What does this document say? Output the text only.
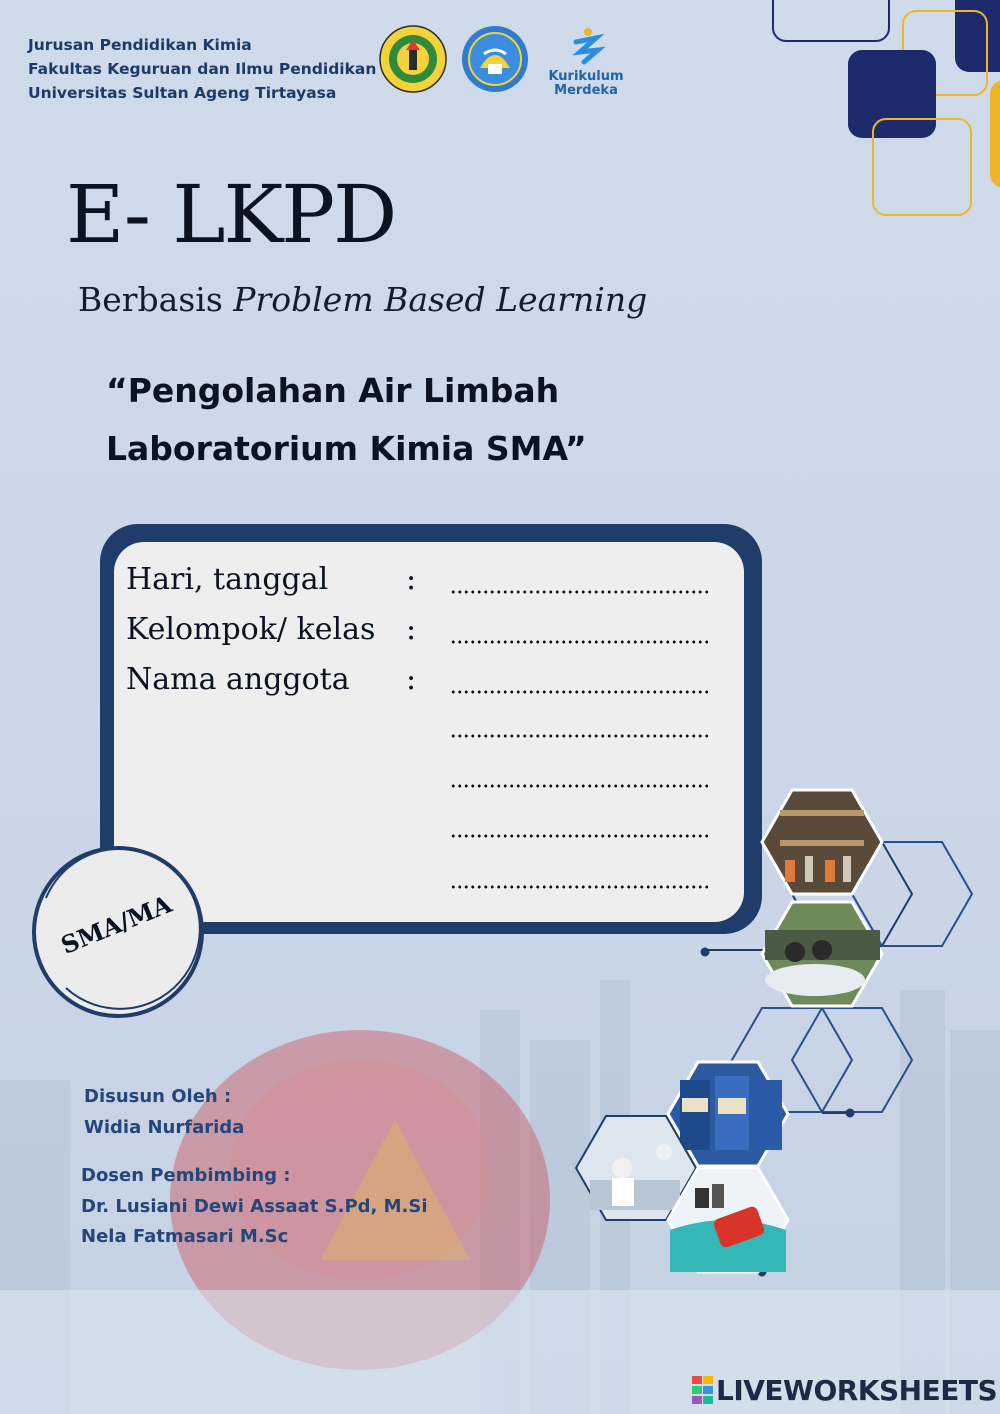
Jurusan Pendidikan Kimia
Fakultas Keguruan dan Ilmu Pendidikan
Universitas Sultan Ageng Tirtayasa
Kurikulum
Merdeka
E- LKPD
Berbasis Problem Based Learning
“Pengolahan Air Limbah
Laboratorium Kimia SMA”
Hari, tanggal	:
Kelompok/ kelas :
Nama anggota :
SMA/MA
Disusun Oleh :
Widia Nurfarida
Dosen Pembimbing :
Dr. Lusiani Dewi Assaat S.Pd, M.Si
Nela Fatmasari M.Sc
LIVEWORKSHEETS
